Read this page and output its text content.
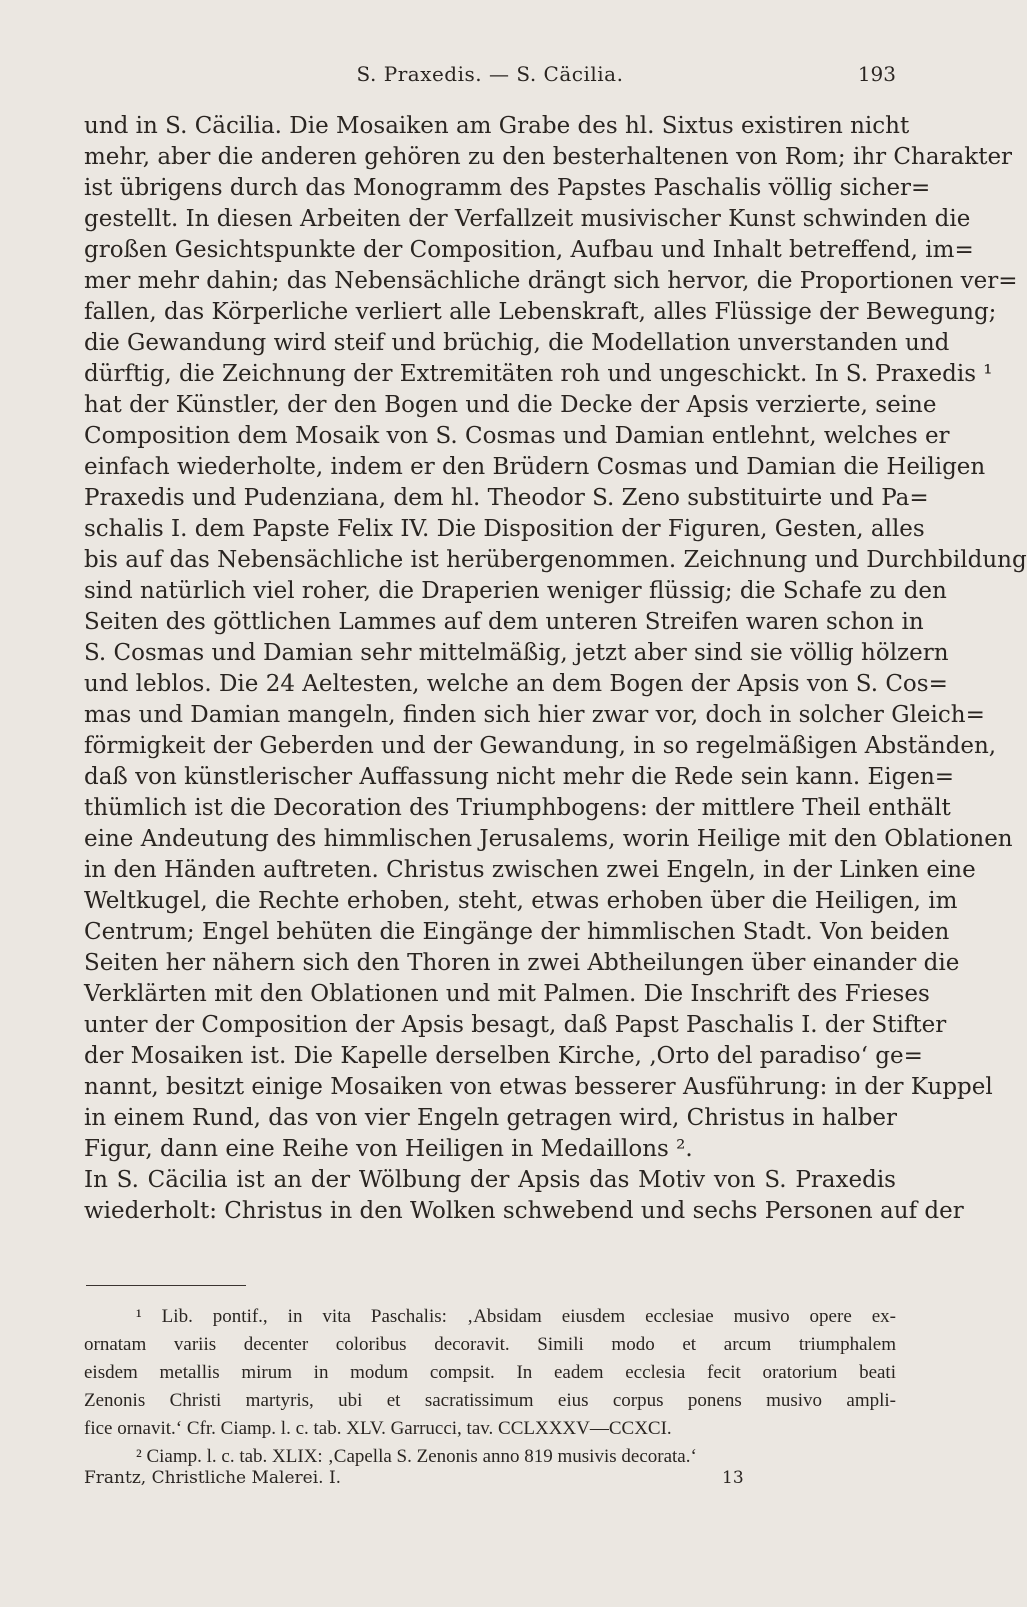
S. Praxedis. — S. Cäcilia.	193
und in S. Cäcilia. Die Mosaiken am Grabe des hl. Sixtus existiren nicht
mehr, aber die anderen gehören zu den besterhaltenen von Rom; ihr Charakter
ist übrigens durch das Monogramm des Papstes Paschalis völlig sicher=
gestellt. In diesen Arbeiten der Verfallzeit musivischer Kunst schwinden die
großen Gesichtspunkte der Composition, Aufbau und Inhalt betreffend, im=
mer mehr dahin; das Nebensächliche drängt sich hervor, die Proportionen ver=
fallen, das Körperliche verliert alle Lebenskraft, alles Flüssige der Bewegung;
die Gewandung wird steif und brüchig, die Modellation unverstanden und
dürftig, die Zeichnung der Extremitäten roh und ungeschickt. In S. Praxedis ¹
hat der Künstler, der den Bogen und die Decke der Apsis verzierte, seine
Composition dem Mosaik von S. Cosmas und Damian entlehnt, welches er
einfach wiederholte, indem er den Brüdern Cosmas und Damian die Heiligen
Praxedis und Pudenziana, dem hl. Theodor S. Zeno substituirte und Pa=
schalis I. dem Papste Felix IV. Die Disposition der Figuren, Gesten, alles
bis auf das Nebensächliche ist herübergenommen. Zeichnung und Durchbildung
sind natürlich viel roher, die Draperien weniger flüssig; die Schafe zu den
Seiten des göttlichen Lammes auf dem unteren Streifen waren schon in
S. Cosmas und Damian sehr mittelmäßig, jetzt aber sind sie völlig hölzern
und leblos. Die 24 Aeltesten, welche an dem Bogen der Apsis von S. Cos=
mas und Damian mangeln, finden sich hier zwar vor, doch in solcher Gleich=
förmigkeit der Geberden und der Gewandung, in so regelmäßigen Abständen,
daß von künstlerischer Auffassung nicht mehr die Rede sein kann. Eigen=
thümlich ist die Decoration des Triumphbogens: der mittlere Theil enthält
eine Andeutung des himmlischen Jerusalems, worin Heilige mit den Oblationen
in den Händen auftreten. Christus zwischen zwei Engeln, in der Linken eine
Weltkugel, die Rechte erhoben, steht, etwas erhoben über die Heiligen, im
Centrum; Engel behüten die Eingänge der himmlischen Stadt. Von beiden
Seiten her nähern sich den Thoren in zwei Abtheilungen über einander die
Verklärten mit den Oblationen und mit Palmen. Die Inschrift des Frieses
unter der Composition der Apsis besagt, daß Papst Paschalis I. der Stifter
der Mosaiken ist. Die Kapelle derselben Kirche, ‚Orto del paradiso‘ ge=
nannt, besitzt einige Mosaiken von etwas besserer Ausführung: in der Kuppel
in einem Rund, das von vier Engeln getragen wird, Christus in halber
Figur, dann eine Reihe von Heiligen in Medaillons ².
In S. Cäcilia ist an der Wölbung der Apsis das Motiv von S. Praxedis
wiederholt: Christus in den Wolken schwebend und sechs Personen auf der
¹ Lib. pontif., in vita Paschalis: ‚Absidam eiusdem ecclesiae musivo opere ex-
ornatam variis decenter coloribus decoravit. Simili modo et arcum triumphalem
eisdem metallis mirum in modum compsit. In eadem ecclesia fecit oratorium beati
Zenonis Christi martyris, ubi et sacratissimum eius corpus ponens musivo ampli-
fice ornavit.‘ Cfr. Ciamp. l. c. tab. XLV. Garrucci, tav. CCLXXXV—CCXCI.
² Ciamp. l. c. tab. XLIX: ‚Capella S. Zenonis anno 819 musivis decorata.‘
Frantz, Christliche Malerei. I.	13
